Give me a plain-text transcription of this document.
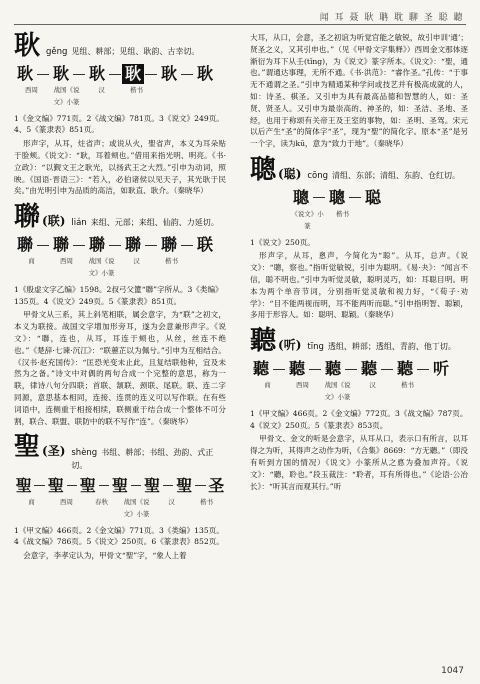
闻 耳 聂 耿 聃 耽 聊 圣 聪 聽
耿 gěng 见组、耕部；见组、耿韵、古幸切。
耿 耿 耿 耿 耿 耿
西周	战国《说文》小篆
汉	楷书
1《金文编》771页。2《战文编》781页。3《说文》249页。4、5《篆隶表》851页。
形声字，从耳，炷省声；或说从火，聖省声，本义为耳朵贴于脸颊。《说文》：“耿，耳着颊也。”借用来指光明、明亮。《书·立政》：“以觐文王之耿光，以扬武王之大烈。”引申为动词，照映。《国语·晋语三》：“若入，必伯诸侯以见天子，其光耿于民矣。”由光明引申为品质的高洁，如耿直、耿介。（秦晓华）
聯 (联) lián 来组、元部；来组、仙韵、力延切。
聯 聯 聯 聯 聯 联
商	西周	战国《说文》小篆
汉	楷书
1《殷虚文字乙编》1598。2叔弓父簠“聯”字所从。3《类编》135页。4《说文》249页。5《篆隶表》851页。
甲骨文从三系，其上斜笔相联，属会意字，为“联”之初文，本义为联接。战国文字增加形旁耳，遂为会意兼形声字。《说文》：“聯，连也，从耳，耳连于颊也，从丝，丝连不绝也。”《楚辞·七谏·沉江》：“联蕙芷以为佩兮。”引申为互相结合。《汉书·赵充国传》：“匡恐羌变未止此，且复结联他种，宜及未然为之备。”诗文中对偶的两句合成一个完整的意思，称为一联，律诗八句分四联；首联、颔联、颈联、尾联。联、连二字同源，意思基本相同，连接、连贯的连义可以写作联。在有些词语中，连侧重于相接相续，联侧重于结合成一个整体不可分割，联合、联盟、联防中的联不写作“连”。（秦晓华）
聖 (圣) shèng 书组、耕部；书组、劲韵、式正切。
聖 聖 聖 聖 聖 聖 圣
商	西周	春秋	战国《说文》小篆
汉	楷书
1《甲文编》466页。2《金文编》771页。3《类编》135页。4《战文编》786页。5《说文》250页。6《篆隶表》852页。
会意字，李孝定认为，甲骨文“聖”字，“象人上着
大耳，从口，会意，圣之初谊为听觉官能之敏锐，故引申训‘通’；贤圣之义，又其引申也。”（见《甲骨文字集释》）西周金文那体逐渐衍为耳下从壬(tǐng)，为《说文》篆字所本。《说文》：“聖，通也。”谓通达事理，无所不通。《书·洪范》：“睿作圣。”孔传：“于事无不通谓之圣。”引申为精通某种学问或技艺并有极高成就的人，如：诗圣、棋圣。又引申为具有最高品德和智慧的人，如：圣贤、贤圣人。又引申为最崇高的、神圣的，如：圣洁、圣地、圣经，也用于称颂有关帝王及王室的事物，如：圣明、圣驾。宋元以后产生“圣”的简体字“圣”，现为“聖”的简化字。原本“圣”是另一个字，读为kū，意为“致力于地”。（秦晓华）
聰 (聪) cōng 清组、东部；清组、东韵、仓红切。
聰 聰 聪
《说文》小篆
楷书
1《说文》250页。
形声字，从耳，悤声，今简化为“聪”。从耳，总声。《说文》：“聰，察也。”指听觉敏锐，引申为聪明。《易·夬》：“闻言不信，聪不明也。”引申为听觉灵敏，聪明灵巧，如：耳聪目明。明本为两个单音节词，分别指听觉灵敏和视力好，“《荀子·劝学》：“目不能两视而明，耳不能两听而聪。”引申指明智、聪颖，多用于形容人。如：聪明、聪颖。（秦晓华）
聽 (听) tīng 透组、耕部；透组、青韵、他丁切。
聽 聽 聽 聽 聽 听
商	西周	战国《说文》小篆
汉	楷书
1《甲文编》466页。2《金文编》772页。3《战文编》787页。4《说文》250页。5《篆隶表》853页。
甲骨文、金文的听是会意字，从耳从口，表示口有所言，以耳得之为听，其得声之动作为听，《合集》8669：“方无聽。”（即没有听到方国的情况）《说文》小篆所从之悳为叠加声符。《说文》：“聽，聆也。”段玉裁注：“聆者，耳有所得也。”《论语·公冶长》：“听其言而观其行。”听
1047
